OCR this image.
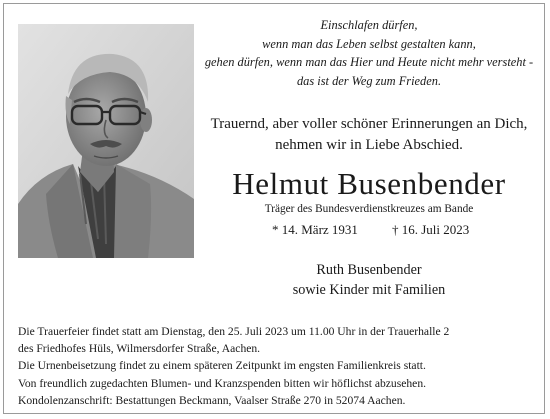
Einschlafen dürfen,
wenn man das Leben selbst gestalten kann,
gehen dürfen, wenn man das Hier und Heute nicht mehr versteht -
das ist der Weg zum Frieden.
Trauernd, aber voller schöner Erinnerungen an Dich,
nehmen wir in Liebe Abschied.
Helmut Busenbender
Träger des Bundesverdienstkreuzes am Bande
* 14. März 1931	† 16. Juli 2023
Ruth Busenbender
sowie Kinder mit Familien
Die Trauerfeier findet statt am Dienstag, den 25. Juli 2023 um 11.00 Uhr in der Trauerhalle 2
des Friedhofes Hüls, Wilmersdorfer Straße, Aachen.
Die Urnenbeisetzung findet zu einem späteren Zeitpunkt im engsten Familienkreis statt.
Von freundlich zugedachten Blumen- und Kranzspenden bitten wir höflichst abzusehen.
Kondolenzanschrift: Bestattungen Beckmann, Vaalser Straße 270 in 52074 Aachen.
